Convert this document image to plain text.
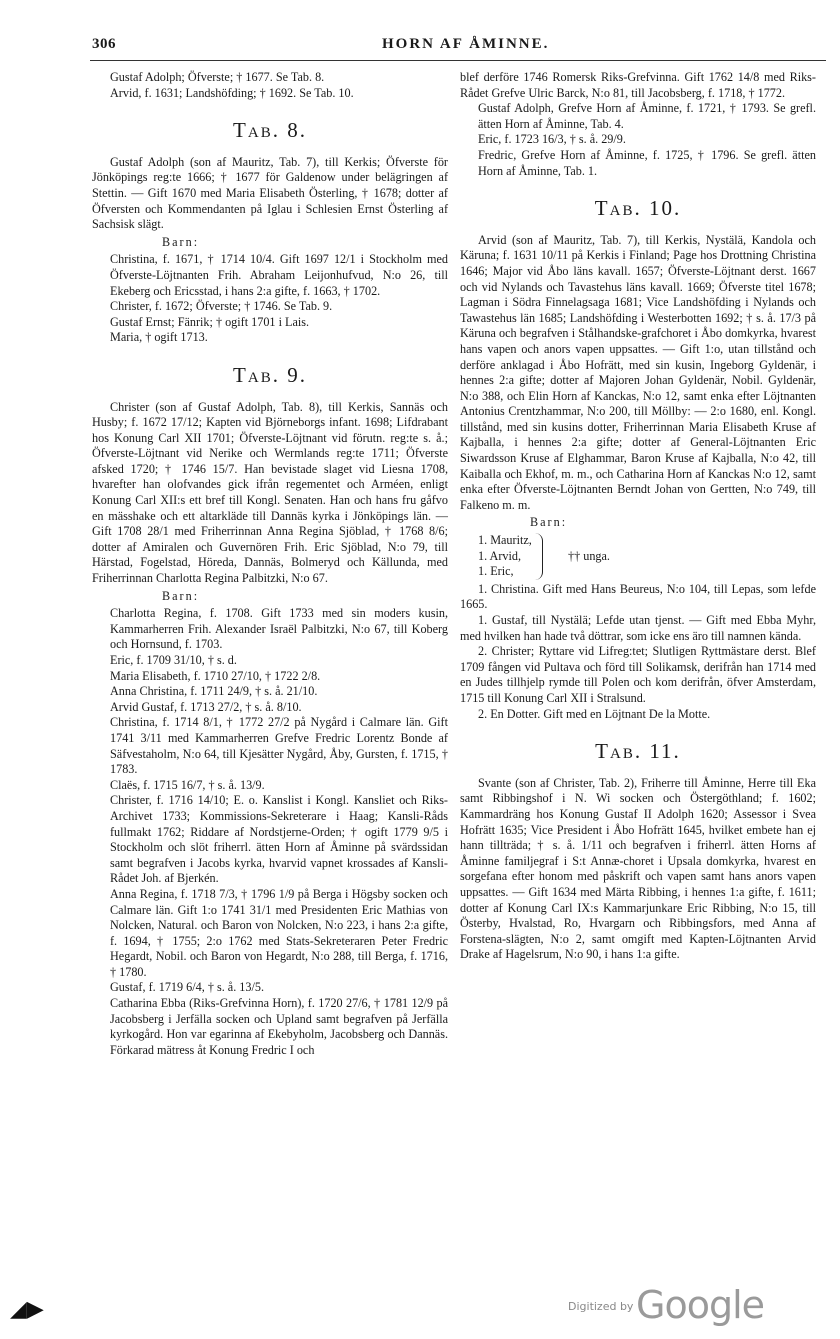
306	HORN AF ÅMINNE.

Gustaf Adolph; Öfverste; † 1677. Se Tab. 8.

Arvid, f. 1631; Landshöfding; † 1692. Se Tab. 10.

Tab. 8.

Gustaf Adolph (son af Mauritz, Tab. 7), till Kerkis; Öfverste för Jönköpings reg:te 1666; † 1677 för Galdenow under belägringen af Stettin. — Gift 1670 med Maria Elisabeth Österling, † 1678; dotter af Öfversten och Kommendanten på Iglau i Schlesien Ernst Österling af Sachsisk slägt.

Barn:

Christina, f. 1671, † 1714 10/4. Gift 1697 12/1 i Stockholm med Öfverste-Löjtnanten Frih. Abraham Leijonhufvud, N:o 26, till Ekeberg och Ericsstad, i hans 2:a gifte, f. 1663, † 1702.

Christer, f. 1672; Öfverste; † 1746. Se Tab. 9.

Gustaf Ernst; Fänrik; † ogift 1701 i Lais.

Maria, † ogift 1713.

Tab. 9.

Christer (son af Gustaf Adolph, Tab. 8), till Kerkis, Sannäs och Husby; f. 1672 17/12; Kapten vid Björneborgs infant. 1698; Lifdrabant hos Konung Carl XII 1701; Öfverste-Löjtnant vid förutn. reg:te s. å.; Öfverste-Löjtnant vid Nerike och Wermlands reg:te 1711; Öfverste afsked 1720; † 1746 15/7. Han bevistade slaget vid Liesna 1708, hvarefter han olofvandes gick ifrån regementet och Arméen, enligt Konung Carl XII:s ett bref till Kongl. Senaten. Han och hans fru gåfvo en mässhake och ett altarkläde till Dannäs kyrka i Jönköpings län. — Gift 1708 28/1 med Friherrinnan Anna Regina Sjöblad, † 1768 8/6; dotter af Amiralen och Guvernören Frih. Eric Sjöblad, N:o 79, till Härstad, Fogelstad, Höreda, Dannäs, Bolmeryd och Källunda, med Friherrinnan Charlotta Regina Palbitzki, N:o 67.

Barn:

Charlotta Regina, f. 1708. Gift 1733 med sin moders kusin, Kammarherren Frih. Alexander Israël Palbitzki, N:o 67, till Koberg och Hornsund, f. 1703.

Eric, f. 1709 31/10, † s. d.

Maria Elisabeth, f. 1710 27/10, † 1722 2/8.

Anna Christina, f. 1711 24/9, † s. å. 21/10.

Arvid Gustaf, f. 1713 27/2, † s. å. 8/10.

Christina, f. 1714 8/1, † 1772 27/2 på Nygård i Calmare län. Gift 1741 3/11 med Kammarherren Grefve Fredric Lorentz Bonde af Säfvestaholm, N:o 64, till Kjesätter Nygård, Åby, Gursten, f. 1715, † 1783.

Claës, f. 1715 16/7, † s. å. 13/9.

Christer, f. 1716 14/10; E. o. Kanslist i Kongl. Kansliet och Riks-Archivet 1733; Kommissions-Sekreterare i Haag; Kansli-Råds fullmakt 1762; Riddare af Nordstjerne-Orden; † ogift 1779 9/5 i Stockholm och slöt friherrl. ätten Horn af Åminne på svärdssidan samt begrafven i Jacobs kyrka, hvarvid vapnet krossades af Kansli-Rådet Joh. af Bjerkén.

Anna Regina, f. 1718 7/3, † 1796 1/9 på Berga i Högsby socken och Calmare län. Gift 1:o 1741 31/1 med Presidenten Eric Mathias von Nolcken, Natural. och Baron von Nolcken, N:o 223, i hans 2:a gifte, f. 1694, † 1755; 2:o 1762 med Stats-Sekreteraren Peter Fredric Hegardt, Nobil. och Baron von Hegardt, N:o 288, till Berga, f. 1716, † 1780.

Gustaf, f. 1719 6/4, † s. å. 13/5.

Catharina Ebba (Riks-Grefvinna Horn), f. 1720 27/6, † 1781 12/9 på Jacobsberg i Jerfälla socken och Upland samt begrafven på Jerfälla kyrkogård. Hon var egarinna af Ekebyholm, Jacobsberg och Dannäs. Förkarad mätress åt Konung Fredric I och

blef derföre 1746 Romersk Riks-Grefvinna. Gift 1762 14/8 med Riks-Rådet Grefve Ulric Barck, N:o 81, till Jacobsberg, f. 1718, † 1772.

Gustaf Adolph, Grefve Horn af Åminne, f. 1721, † 1793. Se grefl. ätten Horn af Åminne, Tab. 4.

Eric, f. 1723 16/3, † s. å. 29/9.

Fredric, Grefve Horn af Åminne, f. 1725, † 1796. Se grefl. ätten Horn af Åminne, Tab. 1.

Tab. 10.

Arvid (son af Mauritz, Tab. 7), till Kerkis, Nystälä, Kandola och Käruna; f. 1631 10/11 på Kerkis i Finland; Page hos Drottning Christina 1646; Major vid Åbo läns kavall. 1657; Öfverste-Löjtnant derst. 1667 och vid Nylands och Tavastehus läns kavall. 1669; Öfverste titel 1678; Lagman i Södra Finnelagsaga 1681; Vice Landshöfding i Nylands och Tawastehus län 1685; Landshöfding i Westerbotten 1692; † s. å. 17/3 på Käruna och begrafven i Stålhandske-grafchoret i Åbo domkyrka, hvarest hans vapen och anors vapen uppsattes. — Gift 1:o, utan tillstånd och derföre anklagad i Åbo Hofrätt, med sin kusin, Ingeborg Gyldenär, i hennes 2:a gifte; dotter af Majoren Johan Gyldenär, Nobil. Gyldenär, N:o 388, och Elin Horn af Kanckas, N:o 12, samt enka efter Löjtnanten Antonius Crentzhammar, N:o 200, till Möllby: — 2:o 1680, enl. Kongl. tillstånd, med sin kusins dotter, Friherrinnan Maria Elisabeth Kruse af Kajballa, i hennes 2:a gifte; dotter af General-Löjtnanten Eric Siwardsson Kruse af Elghammar, Baron Kruse af Kajballa, N:o 42, till Kaiballa och Ekhof, m. m., och Catharina Horn af Kanckas N:o 12, samt enka efter Öfverste-Löjtnanten Berndt Johan von Gertten, N:o 749, till Falkeno m. m.

Barn:
1. Mauritz,
1. Arvid,
1. Eric,
†† unga.

1. Christina. Gift med Hans Beureus, N:o 104, till Lepas, som lefde 1665.

1. Gustaf, till Nystälä; Lefde utan tjenst. — Gift med Ebba Myhr, med hvilken han hade två döttrar, som icke ens äro till namnen kända.

2. Christer; Ryttare vid Lifreg:tet; Slutligen Ryttmästare derst. Blef 1709 fången vid Pultava och förd till Solikamsk, derifrån han 1714 med en Judes tillhjelp rymde till Polen och kom derifrån, öfver Amsterdam, 1715 till Konung Carl XII i Stralsund.

2. En Dotter. Gift med en Löjtnant De la Motte.

Tab. 11.

Svante (son af Christer, Tab. 2), Friherre till Åminne, Herre till Eka samt Ribbingshof i N. Wi socken och Östergöthland; f. 1602; Kammardräng hos Konung Gustaf II Adolph 1620; Assessor i Svea Hofrätt 1635; Vice President i Åbo Hofrätt 1645, hvilket embete han ej hann tillträda; † s. å. 1/11 och begrafven i friherrl. ätten Horns af Åminne familjegraf i S:t Annæ-choret i Upsala domkyrka, hvarest en sorgefana efter honom med påskrift och vapen samt hans anors vapen uppsattes. — Gift 1634 med Märta Ribbing, i hennes 1:a gifte, f. 1611; dotter af Konung Carl IX:s Kammarjunkare Eric Ribbing, N:o 15, till Österby, Hvalstad, Ro, Hvargarn och Ribbingsfors, med Anna af Forstena-slägten, N:o 2, samt omgift med Kapten-Löjtnanten Arvid Drake af Hagelsrum, N:o 90, i hans 1:a gifte.

◢▶	Digitized by Google
